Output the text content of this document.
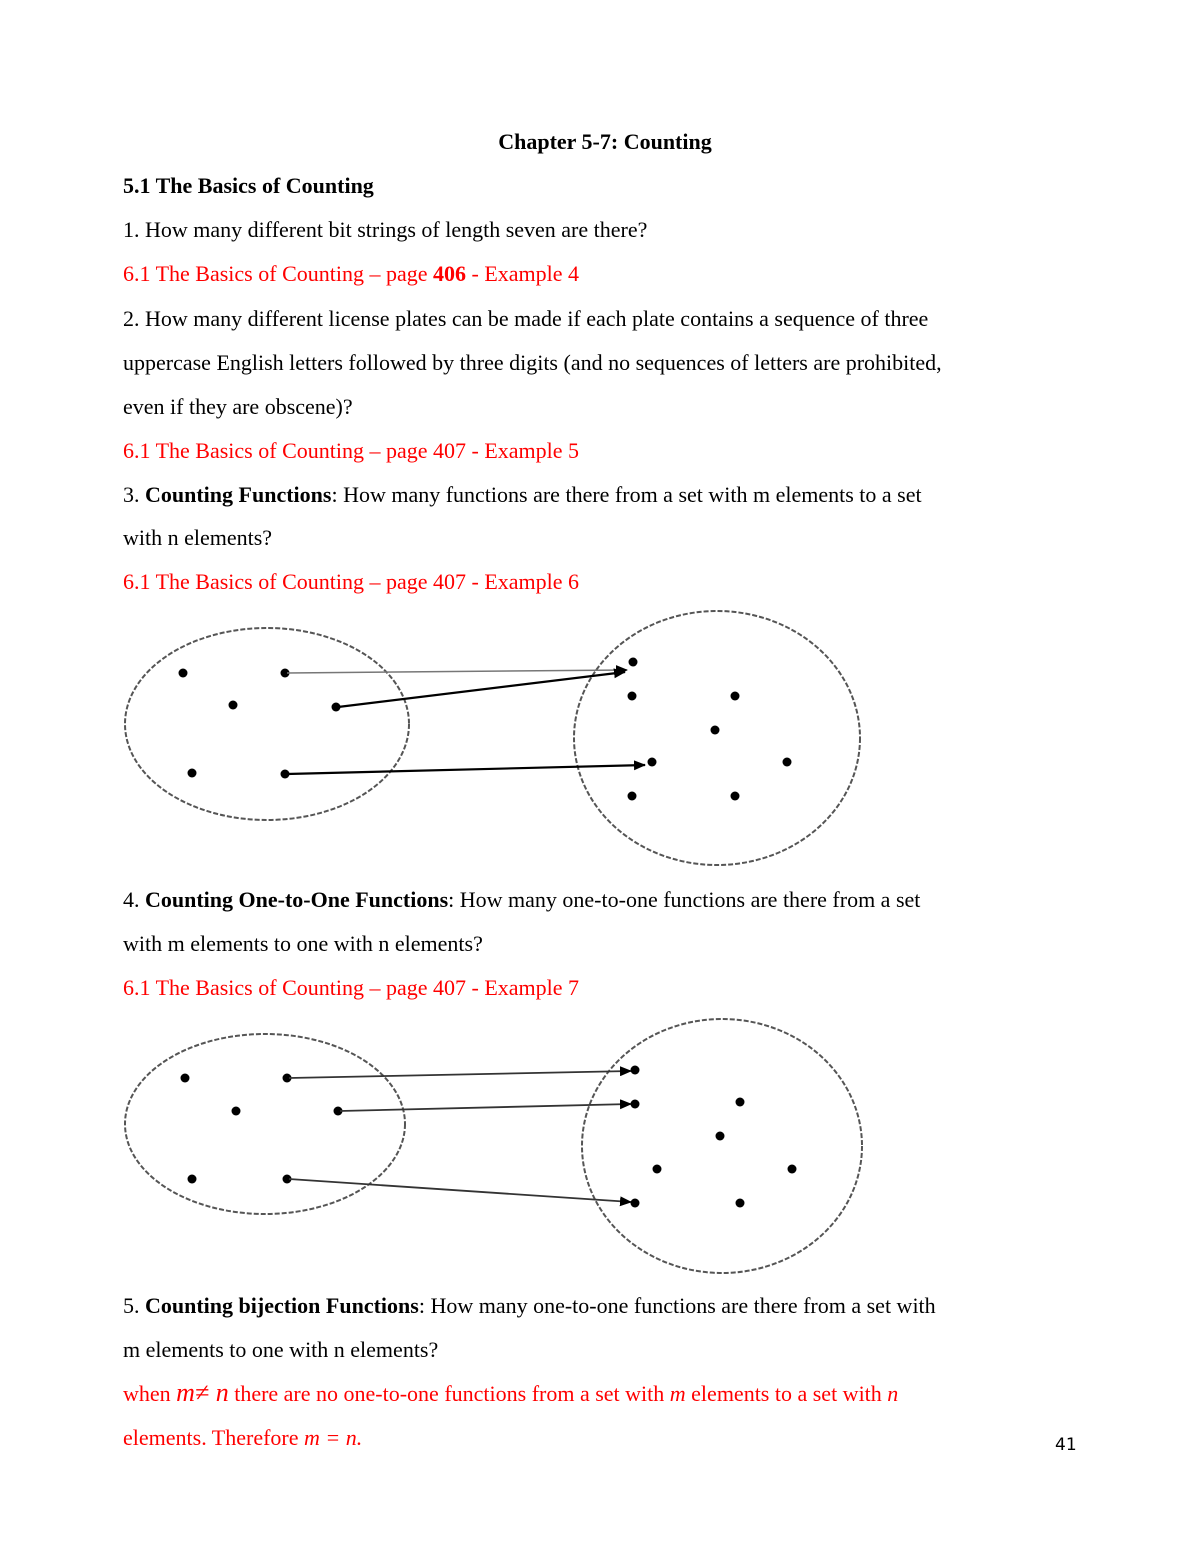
Chapter 5-7: Counting
5.1 The Basics of Counting
1. How many different bit strings of length seven are there?
6.1 The Basics of Counting – page 406 - Example 4
2. How many different license plates can be made if each plate contains a sequence of three
uppercase English letters followed by three digits (and no sequences of letters are prohibited,
even if they are obscene)?
6.1 The Basics of Counting – page 407 - Example 5
3. Counting Functions: How many functions are there from a set with m elements to a set
with n elements?
6.1 The Basics of Counting – page 407 - Example 6
4. Counting One-to-One Functions: How many one-to-one functions are there from a set
with m elements to one with n elements?
6.1 The Basics of Counting – page 407 - Example 7
5. Counting bijection Functions: How many one-to-one functions are there from a set with
m elements to one with n elements?
when m≠ n there are no one-to-one functions from a set with m elements to a set with n
elements. Therefore m = n.	41
